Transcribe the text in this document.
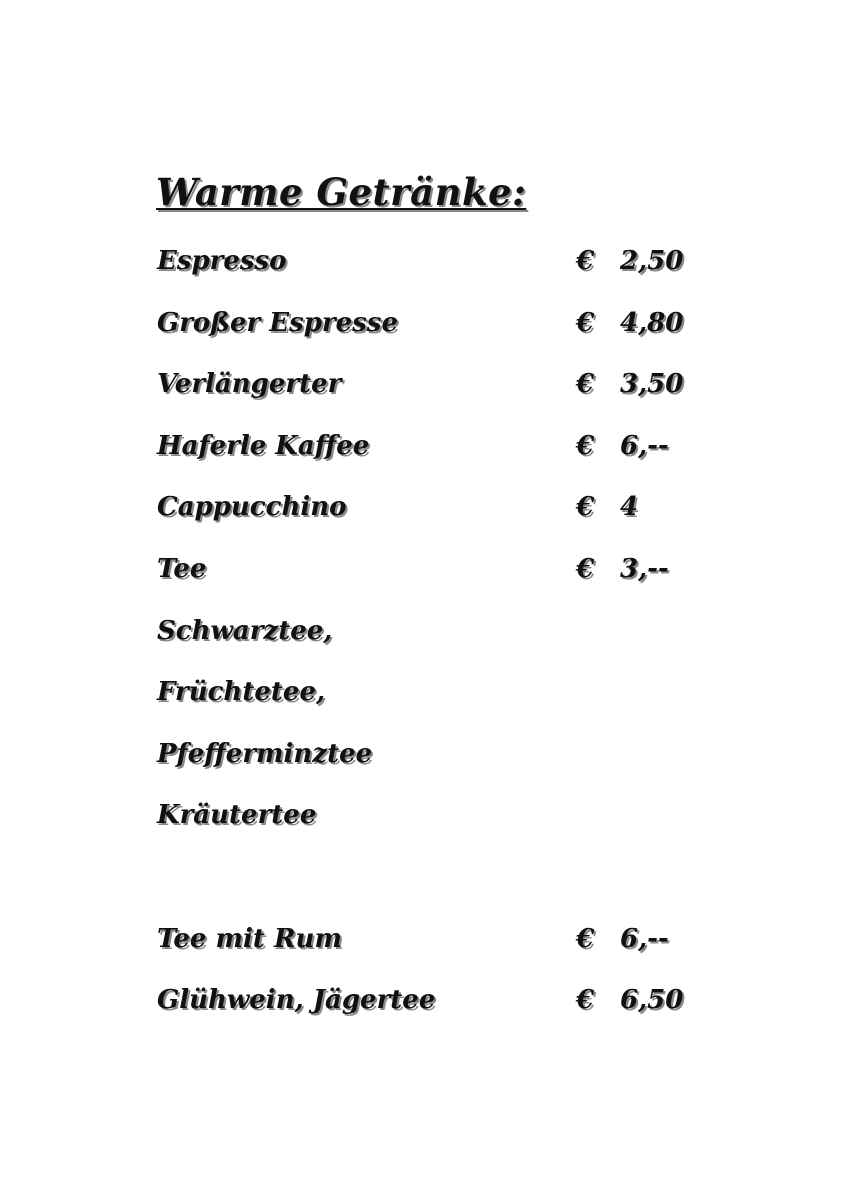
Warme Getränke:
Espresso	€ 2,50
Großer Espresse	€ 4,80
Verlängerter	€ 3,50
Haferle Kaffee	€ 6,--
Cappucchino	€ 4
Tee	€ 3,--
Schwarztee,
Früchtetee,
Pfefferminztee
Kräutertee
Tee mit Rum	€ 6,--
Glühwein, Jägertee	€ 6,50
